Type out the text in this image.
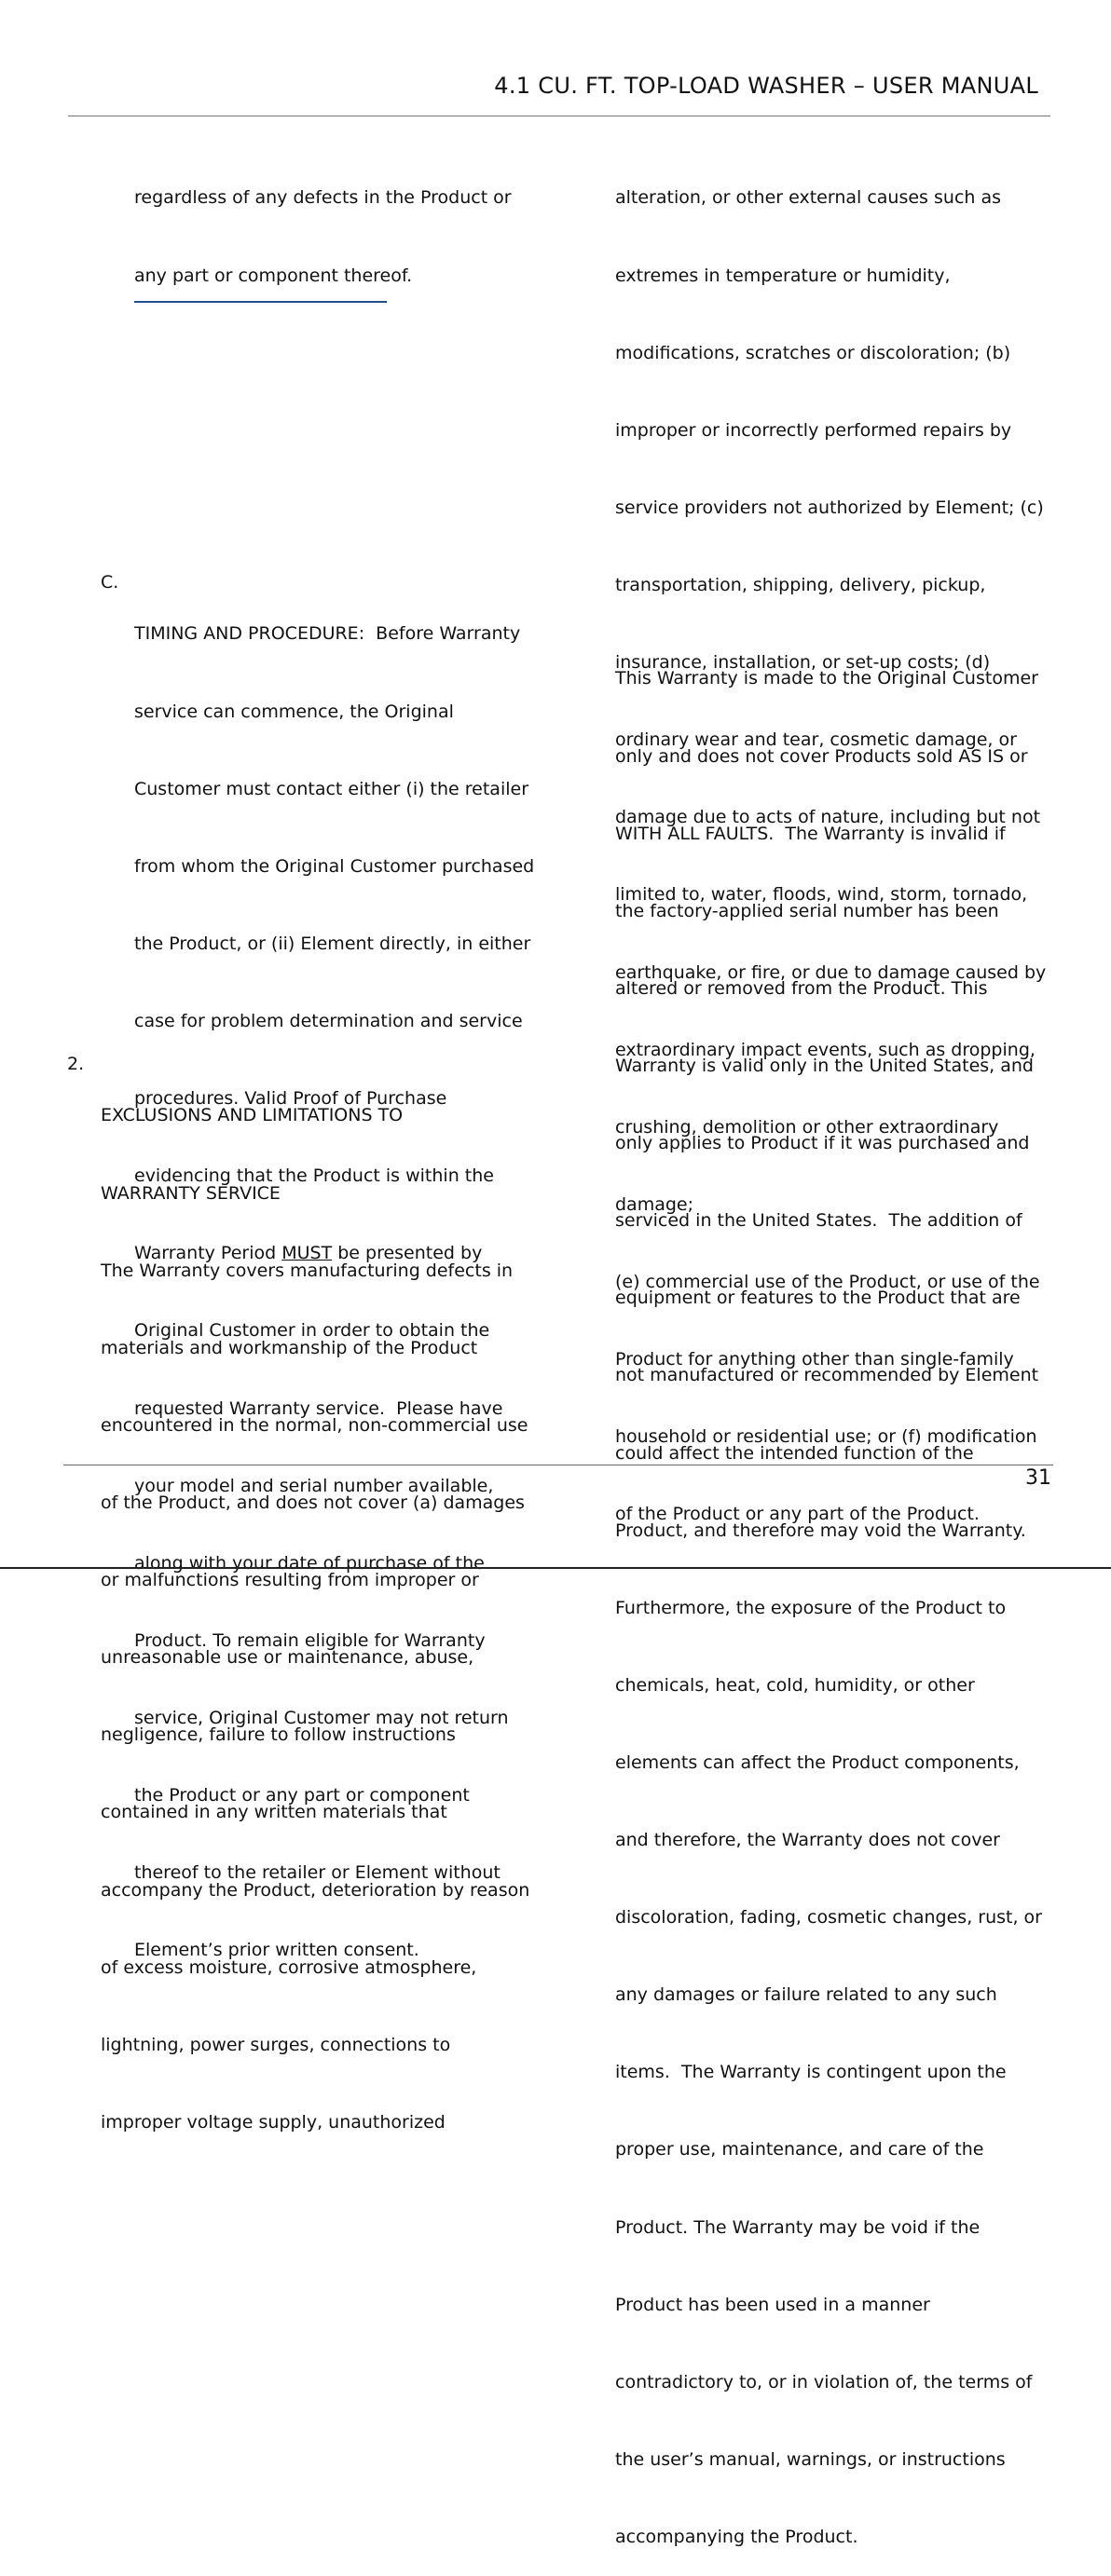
4.1 CU. FT. TOP-LOAD WASHER – USER MANUAL

regardless of any defects in the Product or

any part or component thereof.

C.

TIMING AND PROCEDURE:  Before Warranty

service can commence, the Original

Customer must contact either (i) the retailer

from whom the Original Customer purchased

the Product, or (ii) Element directly, in either

case for problem determination and service

procedures. Valid Proof of Purchase

evidencing that the Product is within the

Warranty Period MUST be presented by

Original Customer in order to obtain the

requested Warranty service.  Please have

your model and serial number available,

along with your date of purchase of the

Product. To remain eligible for Warranty

service, Original Customer may not return

the Product or any part or component

thereof to the retailer or Element without

Element’s prior written consent.

2.

EXCLUSIONS AND LIMITATIONS TO

WARRANTY SERVICE

The Warranty covers manufacturing defects in

materials and workmanship of the Product

encountered in the normal, non-commercial use

of the Product, and does not cover (a) damages

or malfunctions resulting from improper or

unreasonable use or maintenance, abuse,

negligence, failure to follow instructions

contained in any written materials that

accompany the Product, deterioration by reason

of excess moisture, corrosive atmosphere,

lightning, power surges, connections to

improper voltage supply, unauthorized

alteration, or other external causes such as

extremes in temperature or humidity,

modifications, scratches or discoloration; (b)

improper or incorrectly performed repairs by

service providers not authorized by Element; (c)

transportation, shipping, delivery, pickup,

insurance, installation, or set-up costs; (d)

ordinary wear and tear, cosmetic damage, or

damage due to acts of nature, including but not

limited to, water, floods, wind, storm, tornado,

earthquake, or fire, or due to damage caused by

extraordinary impact events, such as dropping,

crushing, demolition or other extraordinary

damage;

(e) commercial use of the Product, or use of the

Product for anything other than single-family

household or residential use; or (f) modification

of the Product or any part of the Product.

This Warranty is made to the Original Customer

only and does not cover Products sold AS IS or

WITH ALL FAULTS.  The Warranty is invalid if

the factory-applied serial number has been

altered or removed from the Product. This

Warranty is valid only in the United States, and

only applies to Product if it was purchased and

serviced in the United States.  The addition of

equipment or features to the Product that are

not manufactured or recommended by Element

could affect the intended function of the

Product, and therefore may void the Warranty.

Furthermore, the exposure of the Product to

chemicals, heat, cold, humidity, or other

elements can affect the Product components,

and therefore, the Warranty does not cover

discoloration, fading, cosmetic changes, rust, or

any damages or failure related to any such

items.  The Warranty is contingent upon the

proper use, maintenance, and care of the

Product. The Warranty may be void if the

Product has been used in a manner

contradictory to, or in violation of, the terms of

the user’s manual, warnings, or instructions

accompanying the Product.

31
